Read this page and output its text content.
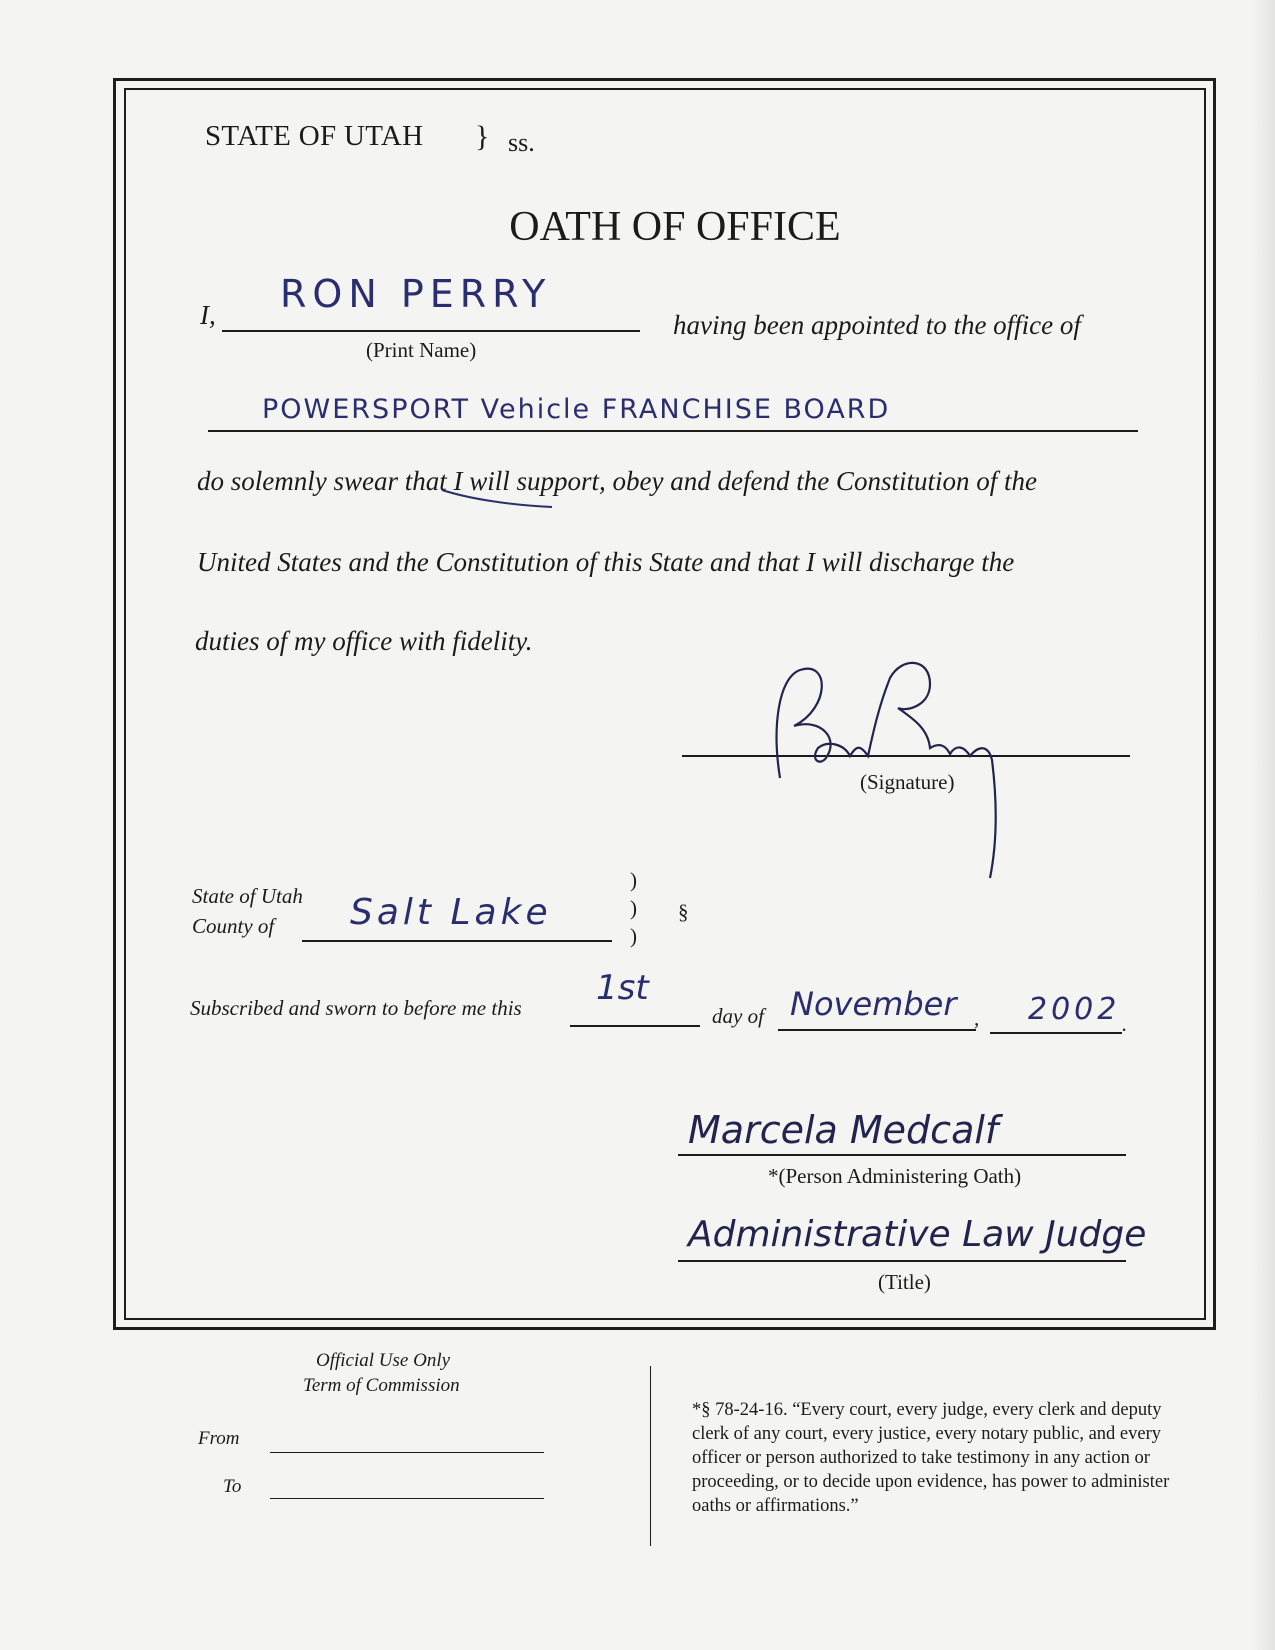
STATE OF UTAH } ss.
OATH OF OFFICE
I, RON PERRY
(Print Name)
having been appointed to the office of
POWERSPORT Vehicle FRANCHISE BOARD
do solemnly swear that I will support, obey and defend the Constitution of the
United States and the Constitution of this State and that I will discharge the
duties of my office with fidelity.
(Signature)
State of Utah
County of Salt Lake
)
)
)
§
Subscribed and sworn to before me this 1st
day of November , 2002 .
Marcela Medcalf
*(Person Administering Oath)
Administrative Law Judge
(Title)
Official Use Only
Term of Commission
From
To
*§ 78-24-16. “Every court, every judge, every clerk and deputy clerk of any court, every justice, every notary public, and every officer or person authorized to take testimony in any action or proceeding, or to decide upon evidence, has power to administer oaths or affirmations.”
